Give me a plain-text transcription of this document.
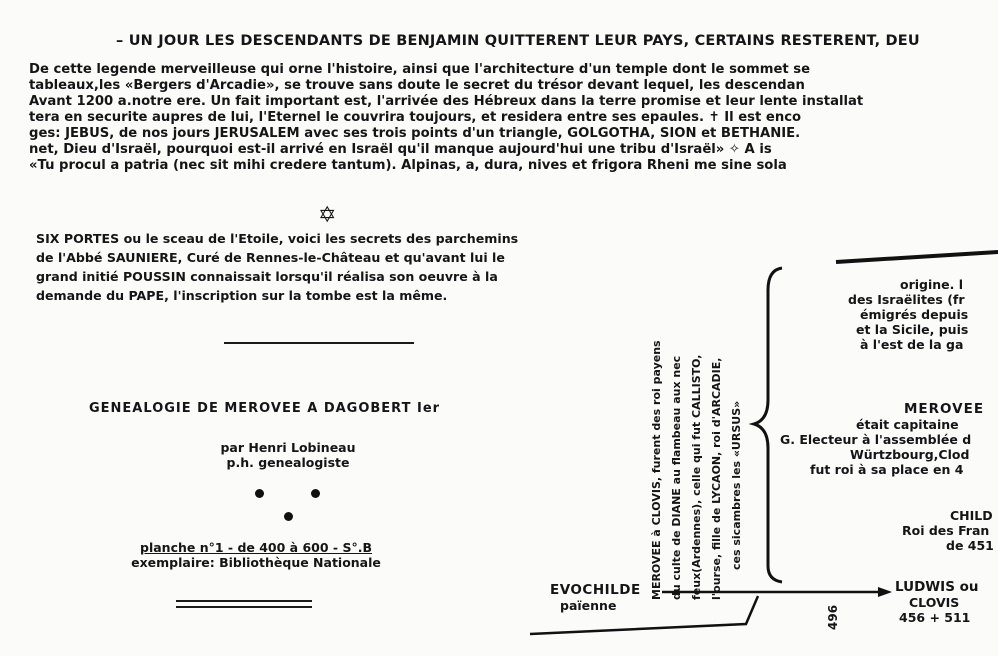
– UN JOUR LES DESCENDANTS DE BENJAMIN QUITTERENT LEUR PAYS, CERTAINS RESTERENT, DEU
De cette legende merveilleuse qui orne l'histoire, ainsi que l'architecture d'un temple dont le sommet se
tableaux,les «Bergers d'Arcadie», se trouve sans doute le secret du trésor devant lequel, les descendan
Avant 1200 a.notre ere. Un fait important est, l'arrivée des Hébreux dans la terre promise et leur lente installat
tera en securite aupres de lui, l'Eternel le couvrira toujours, et residera entre ses epaules. ✝ Il est enco
ges: JEBUS, de nos jours JERUSALEM avec ses trois points d'un triangle, GOLGOTHA, SION et BETHANIE.
net, Dieu d'Israël, pourquoi est-il arrivé en Israël qu'il manque aujourd'hui une tribu d'Israël» ✧ A is
«Tu procul a patria (nec sit mihi credere tantum). Alpinas, a, dura, nives et frigora Rheni me sine sola
✡
SIX PORTES ou le sceau de l'Etoile, voici les secrets des parchemins
de l'Abbé SAUNIERE, Curé de Rennes-le-Château et qu'avant lui le
grand initié POUSSIN connaissait lorsqu'il réalisa son oeuvre à la
demande du PAPE, l'inscription sur la tombe est la même.
GENEALOGIE DE MEROVEE A DAGOBERT Ier
par Henri Lobineau
p.h. genealogiste
planche n°1 - de 400 à 600 - S°.B
exemplaire: Bibliothèque Nationale	MEROVEE à CLOVIS, furent des roi payens du culte de DIANE au flambeau aux nec feux(Ardennes), celle qui fut CALLISTO, l'ourse, fille de LYCAON, roi d'ARCADIE, ces sicambres les «URSUS»
origine. l
des Israëlites (fr
émigrés depuis
et la Sicile, puis
à l'est de la ga
MEROVEE
était capitaine
G. Electeur à l'assemblée d
Würtzbourg,Clod
fut roi à sa place en 4
CHILD
Roi des Fran
de 451
EVOCHILDE
païenne
LUDWIS ou
CLOVIS
456 + 511
496
